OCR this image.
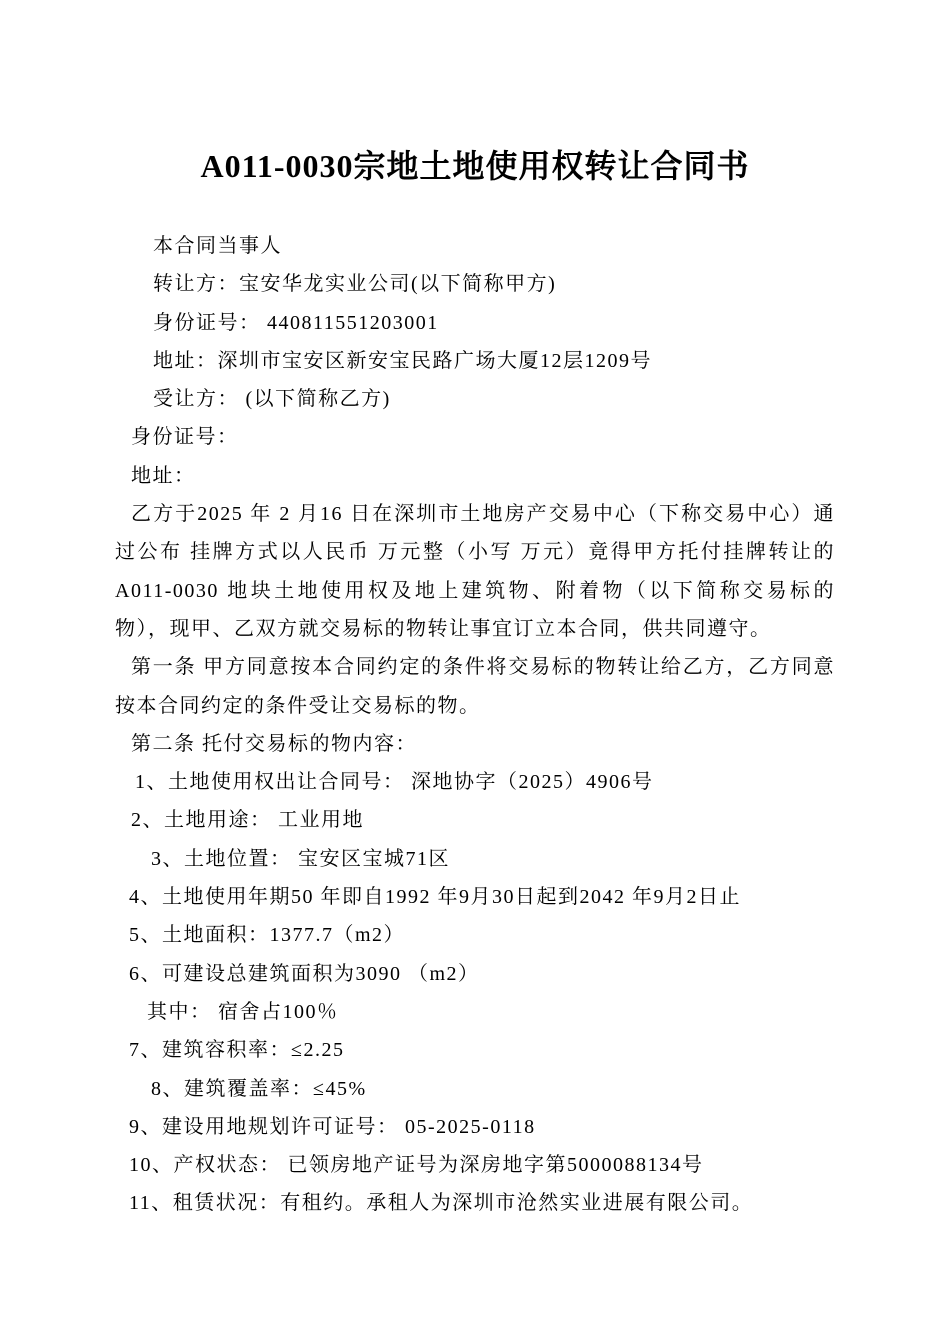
A011-0030宗地土地使用权转让合同书
本合同当事人
转让方：宝安华龙实业公司(以下简称甲方)
身份证号： 440811551203001
地址：深圳市宝安区新安宝民路广场大厦12层1209号
受让方： (以下简称乙方)
身份证号：
地址：
乙方于2025 年 2 月16 日在深圳市土地房产交易中心（下称交易中心）通过公布 挂牌方式以人民币 万元整（小写 万元）竟得甲方托付挂牌转让的A011-0030 地块土地使用权及地上建筑物、附着物（以下简称交易标的物），现甲、乙双方就交易标的物转让事宜订立本合同，供共同遵守。
第一条 甲方同意按本合同约定的条件将交易标的物转让给乙方，乙方同意按本合同约定的条件受让交易标的物。
第二条 托付交易标的物内容：
1、土地使用权出让合同号： 深地协字（2025）4906号
2、土地用途： 工业用地
3、土地位置： 宝安区宝城71区
4、土地使用年期50 年即自1992 年9月30日起到2042 年9月2日止
5、土地面积：1377.7（m2）
6、可建设总建筑面积为3090 （m2）
其中： 宿舍占100％
7、建筑容积率：≤2.25
8、建筑覆盖率：≤45%
9、建设用地规划许可证号： 05-2025-0118
10、产权状态： 已领房地产证号为深房地字第5000088134号
11、租赁状况：有租约。承租人为深圳市沧然实业进展有限公司。
